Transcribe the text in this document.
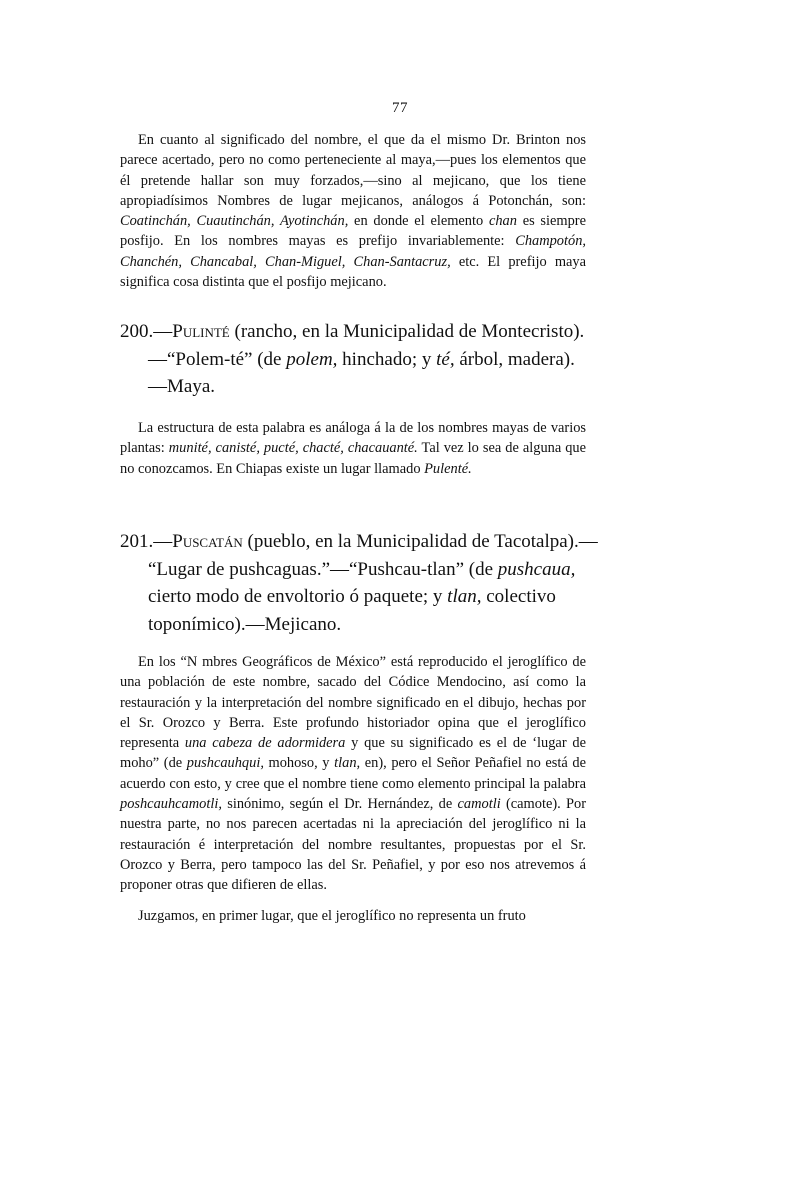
77

En cuanto al significado del nombre, el que da el mismo Dr. Brinton nos parece acertado, pero no como perteneciente al maya,—pues los elementos que él pretende hallar son muy forzados,—sino al mejicano, que los tiene apropiadísimos Nombres de lugar mejicanos, análogos á Potonchán, son: Coatinchán, Cuautinchán, Ayotinchán, en donde el elemento chan es siempre posfijo. En los nombres mayas es prefijo invariablemente: Champotón, Chanchén, Chancabal, Chan-Miguel, Chan-Santacruz, etc. El prefijo maya significa cosa distinta que el posfijo mejicano.

200.—Pulinté (rancho, en la Municipalidad de Montecristo).
—“Polem-té” (de polem, hinchado; y té, árbol, madera).
—Maya.

La estructura de esta palabra es análoga á la de los nombres mayas de varios plantas: munité, canisté, pucté, chacté, chacauanté. Tal vez lo sea de alguna que no conozcamos. En Chiapas existe un lugar llamado Pulenté.

201.—Puscatán (pueblo, en la Municipalidad de Tacotalpa).—
“Lugar de pushcaguas.”—“Pushcau-tlan” (de pushcaua,
cierto modo de envoltorio ó paquete; y tlan, colectivo
toponímico).—Mejicano.

En los “N mbres Geográficos de México” está reproducido el jeroglífico de una población de este nombre, sacado del Códice Mendocino, así como la restauración y la interpretación del nombre significado en el dibujo, hechas por el Sr. Orozco y Berra. Este profundo historiador opina que el jeroglífico representa una cabeza de adormidera y que su significado es el de ‘lugar de moho” (de pushcauhqui, mohoso, y tlan, en), pero el Señor Peñafiel no está de acuerdo con esto, y cree que el nombre tiene como elemento principal la palabra poshcauhcamotli, sinónimo, según el Dr. Hernández, de camotli (camote). Por nuestra parte, no nos parecen acertadas ni la apreciación del jeroglífico ni la restauración é interpretación del nombre resultantes, propuestas por el Sr. Orozco y Berra, pero tampoco las del Sr. Peñafiel, y por eso nos atrevemos á proponer otras que difieren de ellas.

Juzgamos, en primer lugar, que el jeroglífico no representa un fruto
